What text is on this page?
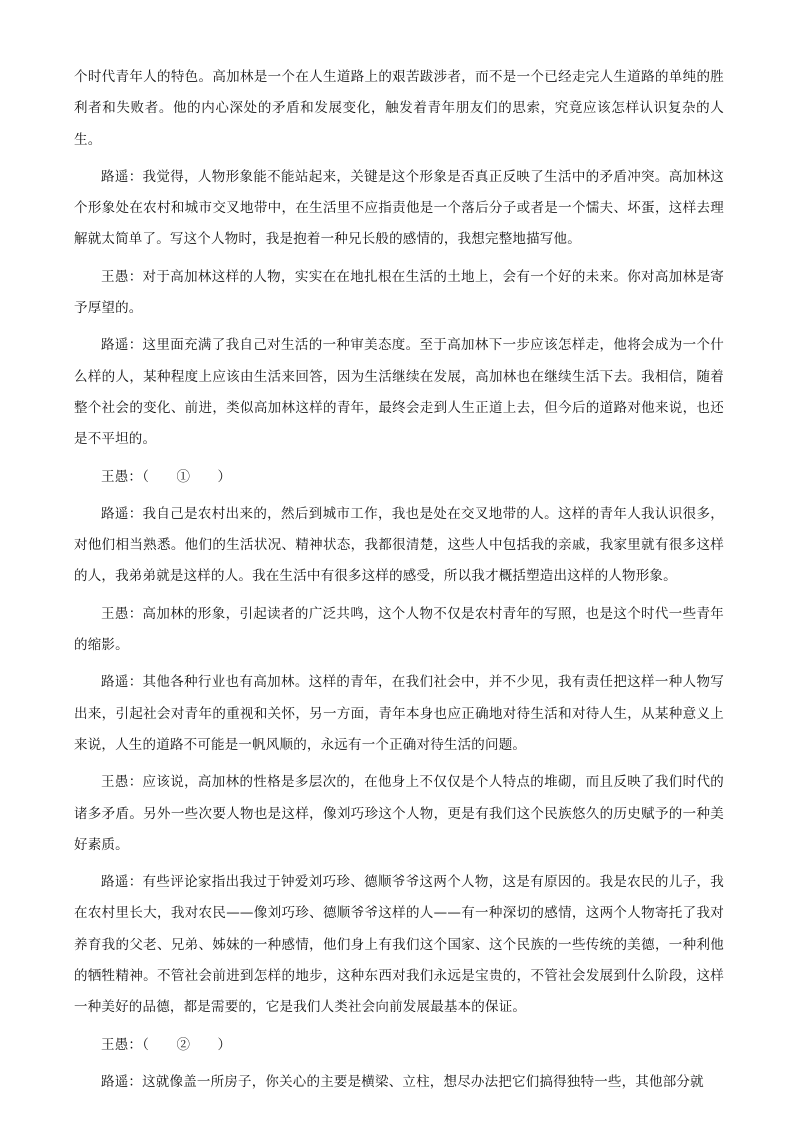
个时代青年人的特色。高加林是一个在人生道路上的艰苦跋涉者，而不是一个已经走完人生道路的单纯的胜利者和失败者。他的内心深处的矛盾和发展变化，触发着青年朋友们的思索，究竟应该怎样认识复杂的人生。

路遥：我觉得，人物形象能不能站起来，关键是这个形象是否真正反映了生活中的矛盾冲突。高加林这个形象处在农村和城市交叉地带中，在生活里不应指责他是一个落后分子或者是一个懦夫、坏蛋，这样去理解就太简单了。写这个人物时，我是抱着一种兄长般的感情的，我想完整地描写他。

王愚：对于高加林这样的人物，实实在在地扎根在生活的土地上，会有一个好的未来。你对高加林是寄予厚望的。

路遥：这里面充满了我自己对生活的一种审美态度。至于高加林下一步应该怎样走，他将会成为一个什么样的人，某种程度上应该由生活来回答，因为生活继续在发展，高加林也在继续生活下去。我相信，随着整个社会的变化、前进，类似高加林这样的青年，最终会走到人生正道上去，但今后的道路对他来说，也还是不平坦的。

王愚：（　　①　　）

路遥：我自己是农村出来的，然后到城市工作，我也是处在交叉地带的人。这样的青年人我认识很多，对他们相当熟悉。他们的生活状况、精神状态，我都很清楚，这些人中包括我的亲戚，我家里就有很多这样的人，我弟弟就是这样的人。我在生活中有很多这样的感受，所以我才概括塑造出这样的人物形象。

王愚：高加林的形象，引起读者的广泛共鸣，这个人物不仅是农村青年的写照，也是这个时代一些青年的缩影。

路遥：其他各种行业也有高加林。这样的青年，在我们社会中，并不少见，我有责任把这样一种人物写出来，引起社会对青年的重视和关怀，另一方面，青年本身也应正确地对待生活和对待人生，从某种意义上来说，人生的道路不可能是一帆风顺的，永远有一个正确对待生活的问题。

王愚：应该说，高加林的性格是多层次的，在他身上不仅仅是个人特点的堆砌，而且反映了我们时代的诸多矛盾。另外一些次要人物也是这样，像刘巧珍这个人物，更是有我们这个民族悠久的历史赋予的一种美好素质。

路遥：有些评论家指出我过于钟爱刘巧珍、德顺爷爷这两个人物，这是有原因的。我是农民的儿子，我在农村里长大，我对农民——像刘巧珍、德顺爷爷这样的人——有一种深切的感情，这两个人物寄托了我对养育我的父老、兄弟、姊妹的一种感情，他们身上有我们这个国家、这个民族的一些传统的美德，一种利他的牺牲精神。不管社会前进到怎样的地步，这种东西对我们永远是宝贵的，不管社会发展到什么阶段，这样一种美好的品德，都是需要的，它是我们人类社会向前发展最基本的保证。

王愚：（　　②　　）

路遥：这就像盖一所房子，你关心的主要是横梁、立柱，想尽办法把它们搞得独特一些，其他部分就
